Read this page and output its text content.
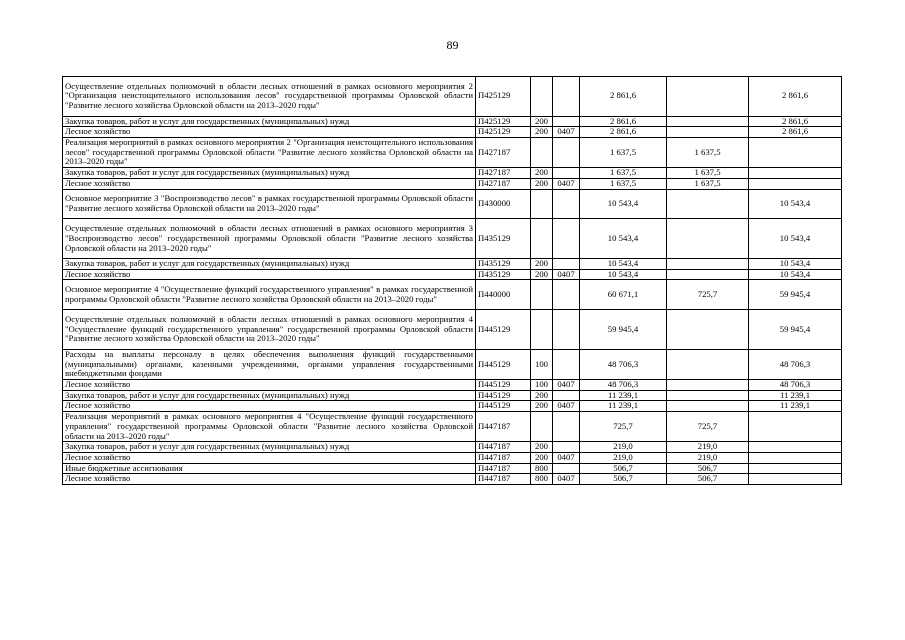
89
Осуществление отдельных полномочий в области лесных отношений в рамках основного мероприятия 2 "Организация неистощительного использования лесов" государственной программы Орловской области "Развитие лесного хозяйства Орловской области на 2013–2020 годы"	П425129			2 861,6		2 861,6
Закупка товаров, работ и услуг для государственных (муниципальных) нужд	П425129	200		2 861,6		2 861,6
Лесное хозяйство	П425129	200	0407	2 861,6		2 861,6
Реализация мероприятий в рамках основного мероприятия 2 "Организация неистощительного использования лесов" государственной программы Орловской области "Развитие лесного хозяйства Орловской области на 2013–2020 годы"	П427187			1 637,5	1 637,5	
Закупка товаров, работ и услуг для государственных (муниципальных) нужд	П427187	200		1 637,5	1 637,5	
Лесное хозяйство	П427187	200	0407	1 637,5	1 637,5	
Основное мероприятие 3 "Воспроизводство лесов" в рамках государственной программы Орловской области "Развитие лесного хозяйства Орловской области на 2013–2020 годы"	П430000			10 543,4		10 543,4
Осуществление отдельных полномочий в области лесных отношений в рамках основного мероприятия 3 "Воспроизводство лесов" государственной программы Орловской области "Развитие лесного хозяйства Орловской области на 2013–2020 годы"	П435129			10 543,4		10 543,4
Закупка товаров, работ и услуг для государственных (муниципальных) нужд	П435129	200		10 543,4		10 543,4
Лесное хозяйство	П435129	200	0407	10 543,4		10 543,4
Основное мероприятие 4 "Осуществление функций государственного управления" в рамках государственной программы Орловской области "Развитие лесного хозяйства Орловской области на 2013–2020 годы"	П440000			60 671,1	725,7	59 945,4
Осуществление отдельных полномочий в области лесных отношений в рамках основного мероприятия 4 "Осуществление функций государственного управления" государственной программы Орловской области "Развитие лесного хозяйства Орловской области на 2013–2020 годы"	П445129			59 945,4		59 945,4
Расходы на выплаты персоналу в целях обеспечения выполнения функций государственными (муниципальными) органами, казенными учреждениями, органами управления государственными внебюджетными фондами	П445129	100		48 706,3		48 706,3
Лесное хозяйство	П445129	100	0407	48 706,3		48 706,3
Закупка товаров, работ и услуг для государственных (муниципальных) нужд	П445129	200		11 239,1		11 239,1
Лесное хозяйство	П445129	200	0407	11 239,1		11 239,1
Реализация мероприятий в рамках основного мероприятия 4 "Осуществление функций государственного управления" государственной программы Орловской области "Развитие лесного хозяйства Орловской области на 2013–2020 годы"	П447187			725,7	725,7	
Закупка товаров, работ и услуг для государственных (муниципальных) нужд	П447187	200		219,0	219,0	
Лесное хозяйство	П447187	200	0407	219,0	219,0	
Иные бюджетные ассигнования	П447187	800		506,7	506,7	
Лесное хозяйство	П447187	800	0407	506,7	506,7	
